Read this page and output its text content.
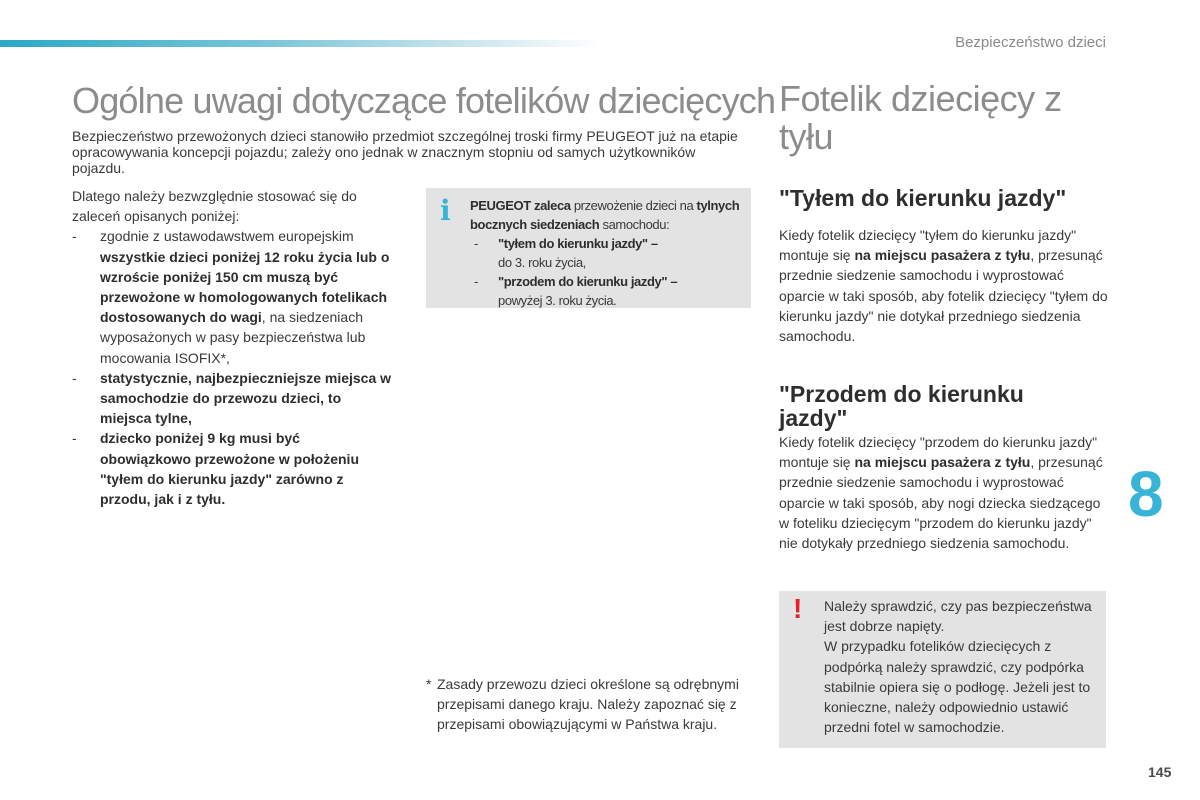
Bezpieczeństwo dzieci
8
145
Ogólne uwagi dotyczące fotelików dziecięcych
Bezpieczeństwo przewożonych dzieci stanowiło przedmiot szczególnej troski firmy PEUGEOT już na etapie opracowywania koncepcji pojazdu; zależy ono jednak w znacznym stopniu od samych użytkowników pojazdu.
Dlatego należy bezwzględnie stosować się do zaleceń opisanych poniżej:
- zgodnie z ustawodawstwem europejskim wszystkie dzieci poniżej 12 roku życia lub o wzroście poniżej 150 cm muszą być przewożone w homologowanych fotelikach dostosowanych do wagi, na siedzeniach wyposażonych w pasy bezpieczeństwa lub mocowania ISOFIX*,
- statystycznie, najbezpieczniejsze miejsca w samochodzie do przewozu dzieci, to miejsca tylne,
- dziecko poniżej 9 kg musi być obowiązkowo przewożone w położeniu "tyłem do kierunku jazdy" zarówno z przodu, jak i z tyłu.
i PEUGEOT zaleca przewożenie dzieci na tylnych bocznych siedzeniach samochodu:
- "tyłem do kierunku jazdy" –
do 3. roku życia,
- "przodem do kierunku jazdy" –
powyżej 3. roku życia.
* Zasady przewozu dzieci określone są odrębnymi przepisami danego kraju. Należy zapoznać się z przepisami obowiązującymi w Państwa kraju.
Fotelik dziecięcy z tyłu
"Tyłem do kierunku jazdy"
Kiedy fotelik dziecięcy "tyłem do kierunku jazdy" montuje się na miejscu pasażera z tyłu, przesunąć przednie siedzenie samochodu i wyprostować oparcie w taki sposób, aby fotelik dziecięcy "tyłem do kierunku jazdy" nie dotykał przedniego siedzenia samochodu.
"Przodem do kierunku jazdy"
Kiedy fotelik dziecięcy "przodem do kierunku jazdy" montuje się na miejscu pasażera z tyłu, przesunąć przednie siedzenie samochodu i wyprostować oparcie w taki sposób, aby nogi dziecka siedzącego w foteliku dziecięcym "przodem do kierunku jazdy" nie dotykały przedniego siedzenia samochodu.
! Należy sprawdzić, czy pas bezpieczeństwa jest dobrze napięty.
W przypadku fotelików dziecięcych z podpórką należy sprawdzić, czy podpórka stabilnie opiera się o podłogę. Jeżeli jest to konieczne, należy odpowiednio ustawić przedni fotel w samochodzie.
